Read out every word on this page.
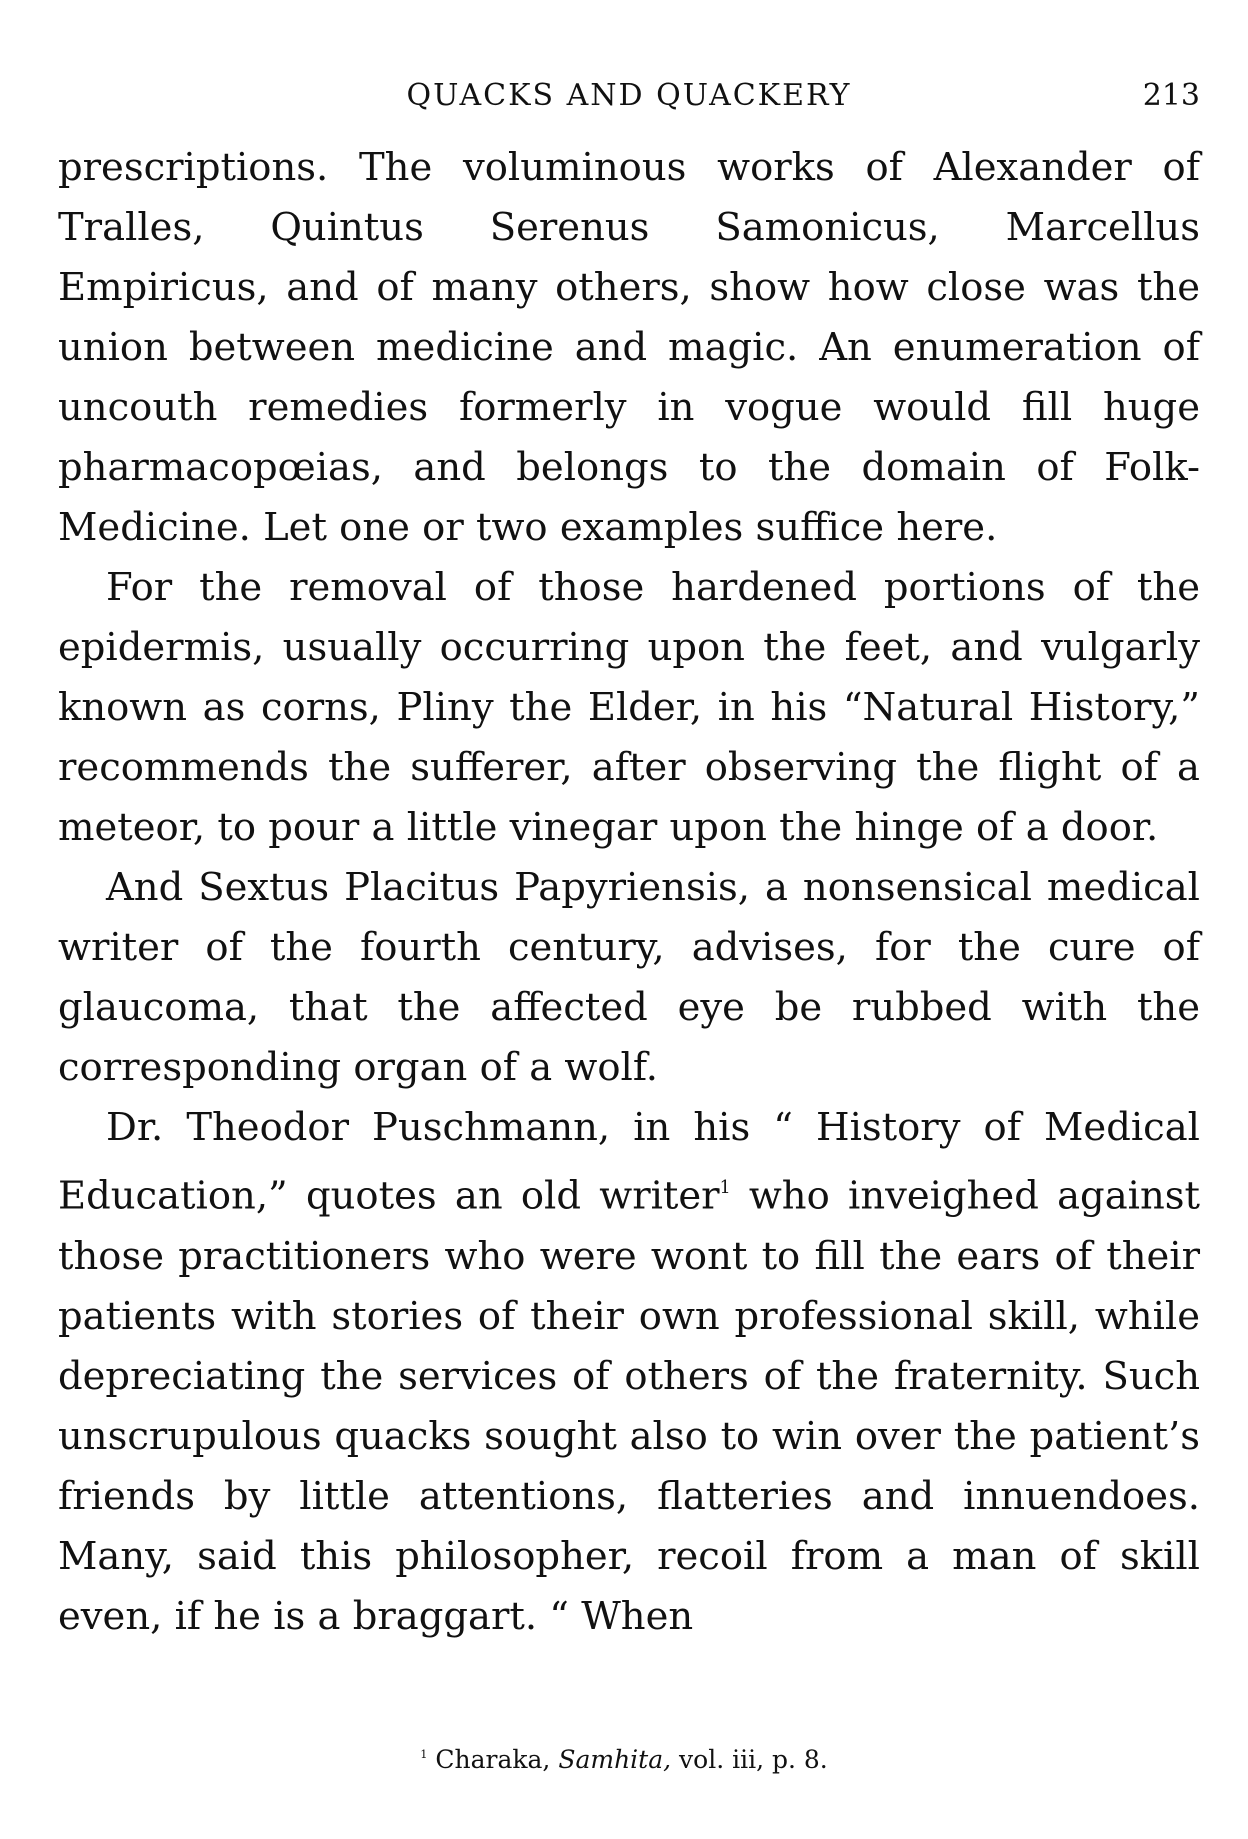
QUACKS AND QUACKERY	213

prescriptions. The voluminous works of Alexander of Tralles, Quintus Serenus Samonicus, Marcellus Empiricus, and of many others, show how close was the union between medicine and magic. An enumeration of uncouth remedies formerly in vogue would fill huge pharmacopœias, and belongs to the domain of Folk-Medicine. Let one or two examples suffice here.

For the removal of those hardened portions of the epidermis, usually occurring upon the feet, and vulgarly known as corns, Pliny the Elder, in his “Natural History,” recommends the sufferer, after observing the flight of a meteor, to pour a little vinegar upon the hinge of a door.

And Sextus Placitus Papyriensis, a nonsensical medical writer of the fourth century, advises, for the cure of glaucoma, that the affected eye be rubbed with the corresponding organ of a wolf.

Dr. Theodor Puschmann, in his “ History of Medical Education,” quotes an old writer$^1$ who inveighed against those practitioners who were wont to fill the ears of their patients with stories of their own professional skill, while depreciating the services of others of the fraternity. Such unscrupulous quacks sought also to win over the patient’s friends by little attentions, flatteries and innuendoes. Many, said this philosopher, recoil from a man of skill even, if he is a braggart. “ When

$^1$ Charaka, Samhita, vol. iii, p. 8.
